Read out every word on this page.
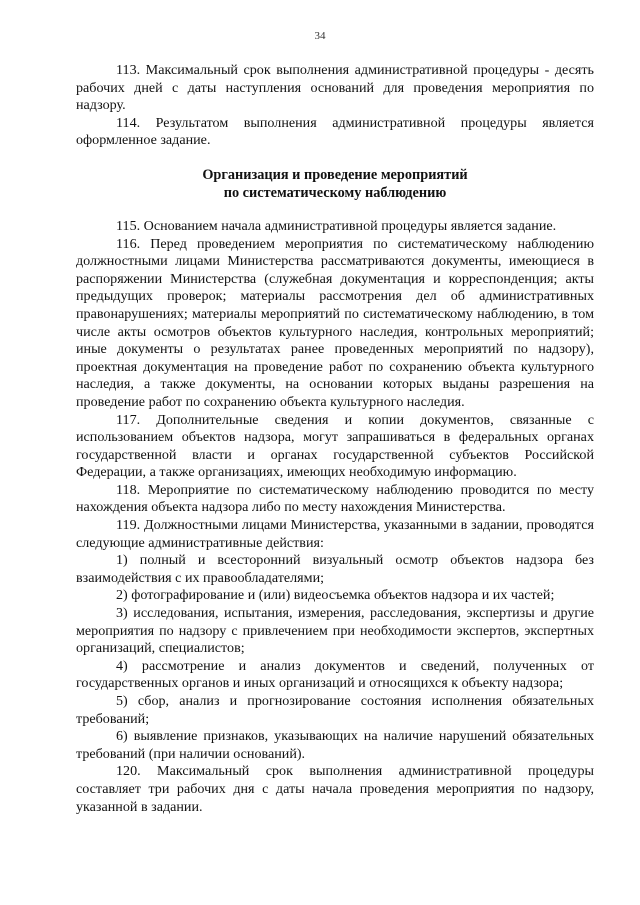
34

113. Максимальный срок выполнения административной процедуры - десять рабочих дней с даты наступления оснований для проведения мероприятия по надзору.

114. Результатом выполнения административной процедуры является оформленное задание.

Организация и проведение мероприятий
по систематическому наблюдению

115. Основанием начала административной процедуры является задание.

116. Перед проведением мероприятия по систематическому наблюдению должностными лицами Министерства рассматриваются документы, имеющиеся в распоряжении Министерства (служебная документация и корреспонденция; акты предыдущих проверок; материалы рассмотрения дел об административных правонарушениях; материалы мероприятий по систематическому наблюдению, в том числе акты осмотров объектов культурного наследия, контрольных мероприятий; иные документы о результатах ранее проведенных мероприятий по надзору), проектная документация на проведение работ по сохранению объекта культурного наследия, а также документы, на основании которых выданы разрешения на проведение работ по сохранению объекта культурного наследия.

117. Дополнительные сведения и копии документов, связанные с использованием объектов надзора, могут запрашиваться в федеральных органах государственной власти и органах государственной субъектов Российской Федерации, а также организациях, имеющих необходимую информацию.

118. Мероприятие по систематическому наблюдению проводится по месту нахождения объекта надзора либо по месту нахождения Министерства.

119. Должностными лицами Министерства, указанными в задании, проводятся следующие административные действия:

1) полный и всесторонний визуальный осмотр объектов надзора без взаимодействия с их правообладателями;

2) фотографирование и (или) видеосъемка объектов надзора и их частей;

3) исследования, испытания, измерения, расследования, экспертизы и другие мероприятия по надзору с привлечением при необходимости экспертов, экспертных организаций, специалистов;

4) рассмотрение и анализ документов и сведений, полученных от государственных органов и иных организаций и относящихся к объекту надзора;

5) сбор, анализ и прогнозирование состояния исполнения обязательных требований;

6) выявление признаков, указывающих на наличие нарушений обязательных требований (при наличии оснований).

120. Максимальный срок выполнения административной процедуры составляет три рабочих дня с даты начала проведения мероприятия по надзору, указанной в задании.
